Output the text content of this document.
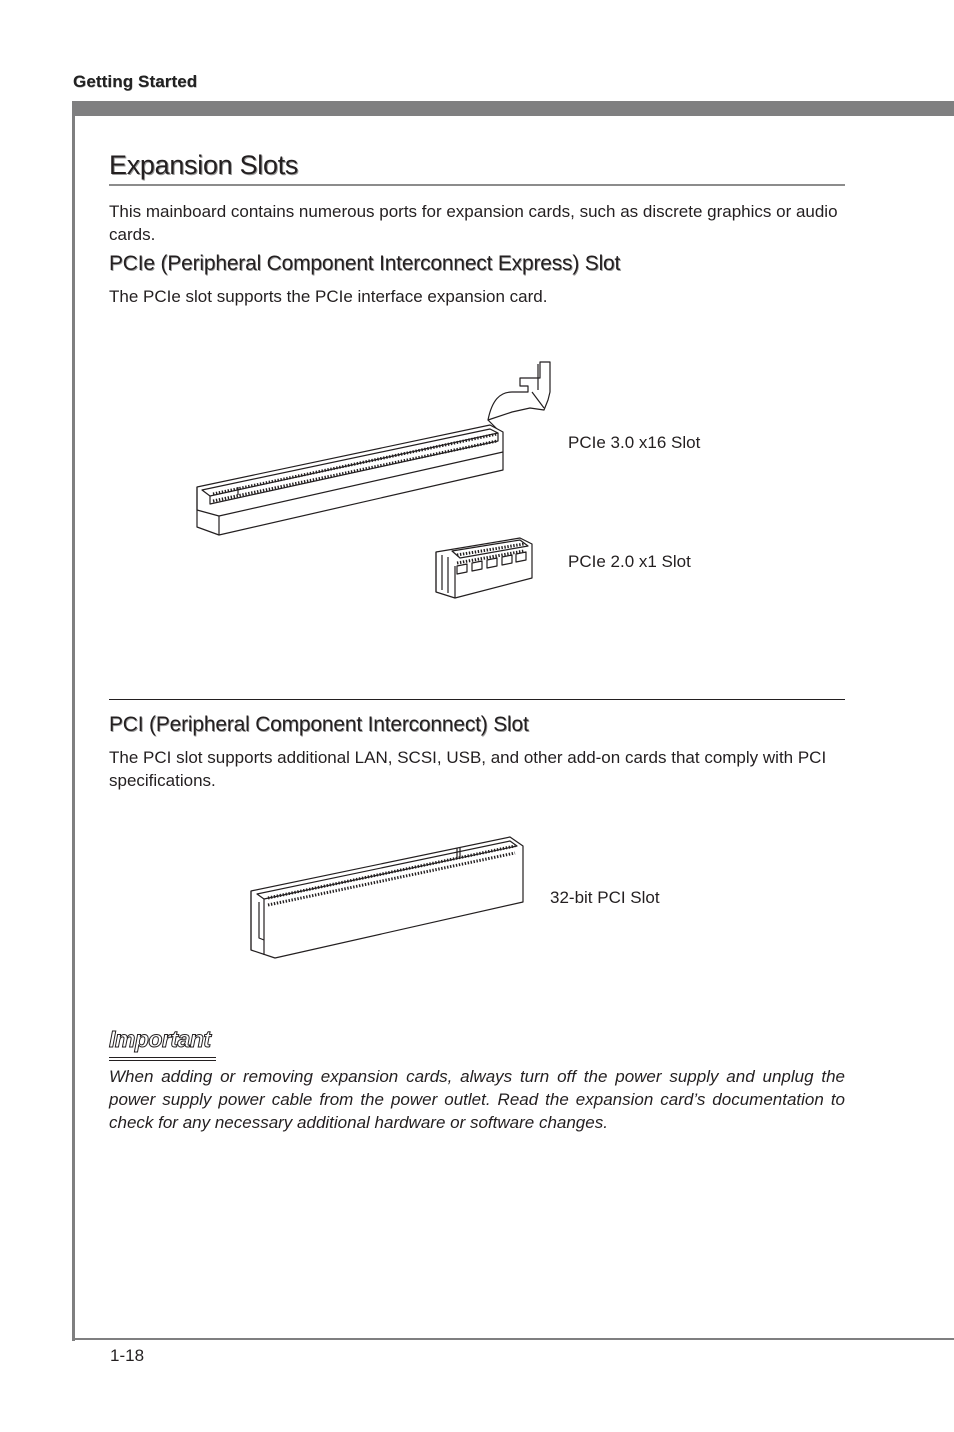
Getting Started
Expansion Slots
This mainboard contains numerous ports for expansion cards, such as discrete graphics or audio cards.
PCIe (Peripheral Component Interconnect Express) Slot
The PCIe slot supports the PCIe interface expansion card.
PCIe 3.0 x16 Slot
PCIe 2.0 x1 Slot
PCI (Peripheral Component Interconnect) Slot
The PCI slot supports additional LAN, SCSI, USB, and other add-on cards that comply with PCI specifications.
32-bit PCI Slot
Important
When adding or removing expansion cards, always turn off the power supply and unplug the power supply power cable from the power outlet. Read the expansion card’s documentation to check for any necessary additional hardware or software changes.
1-18
